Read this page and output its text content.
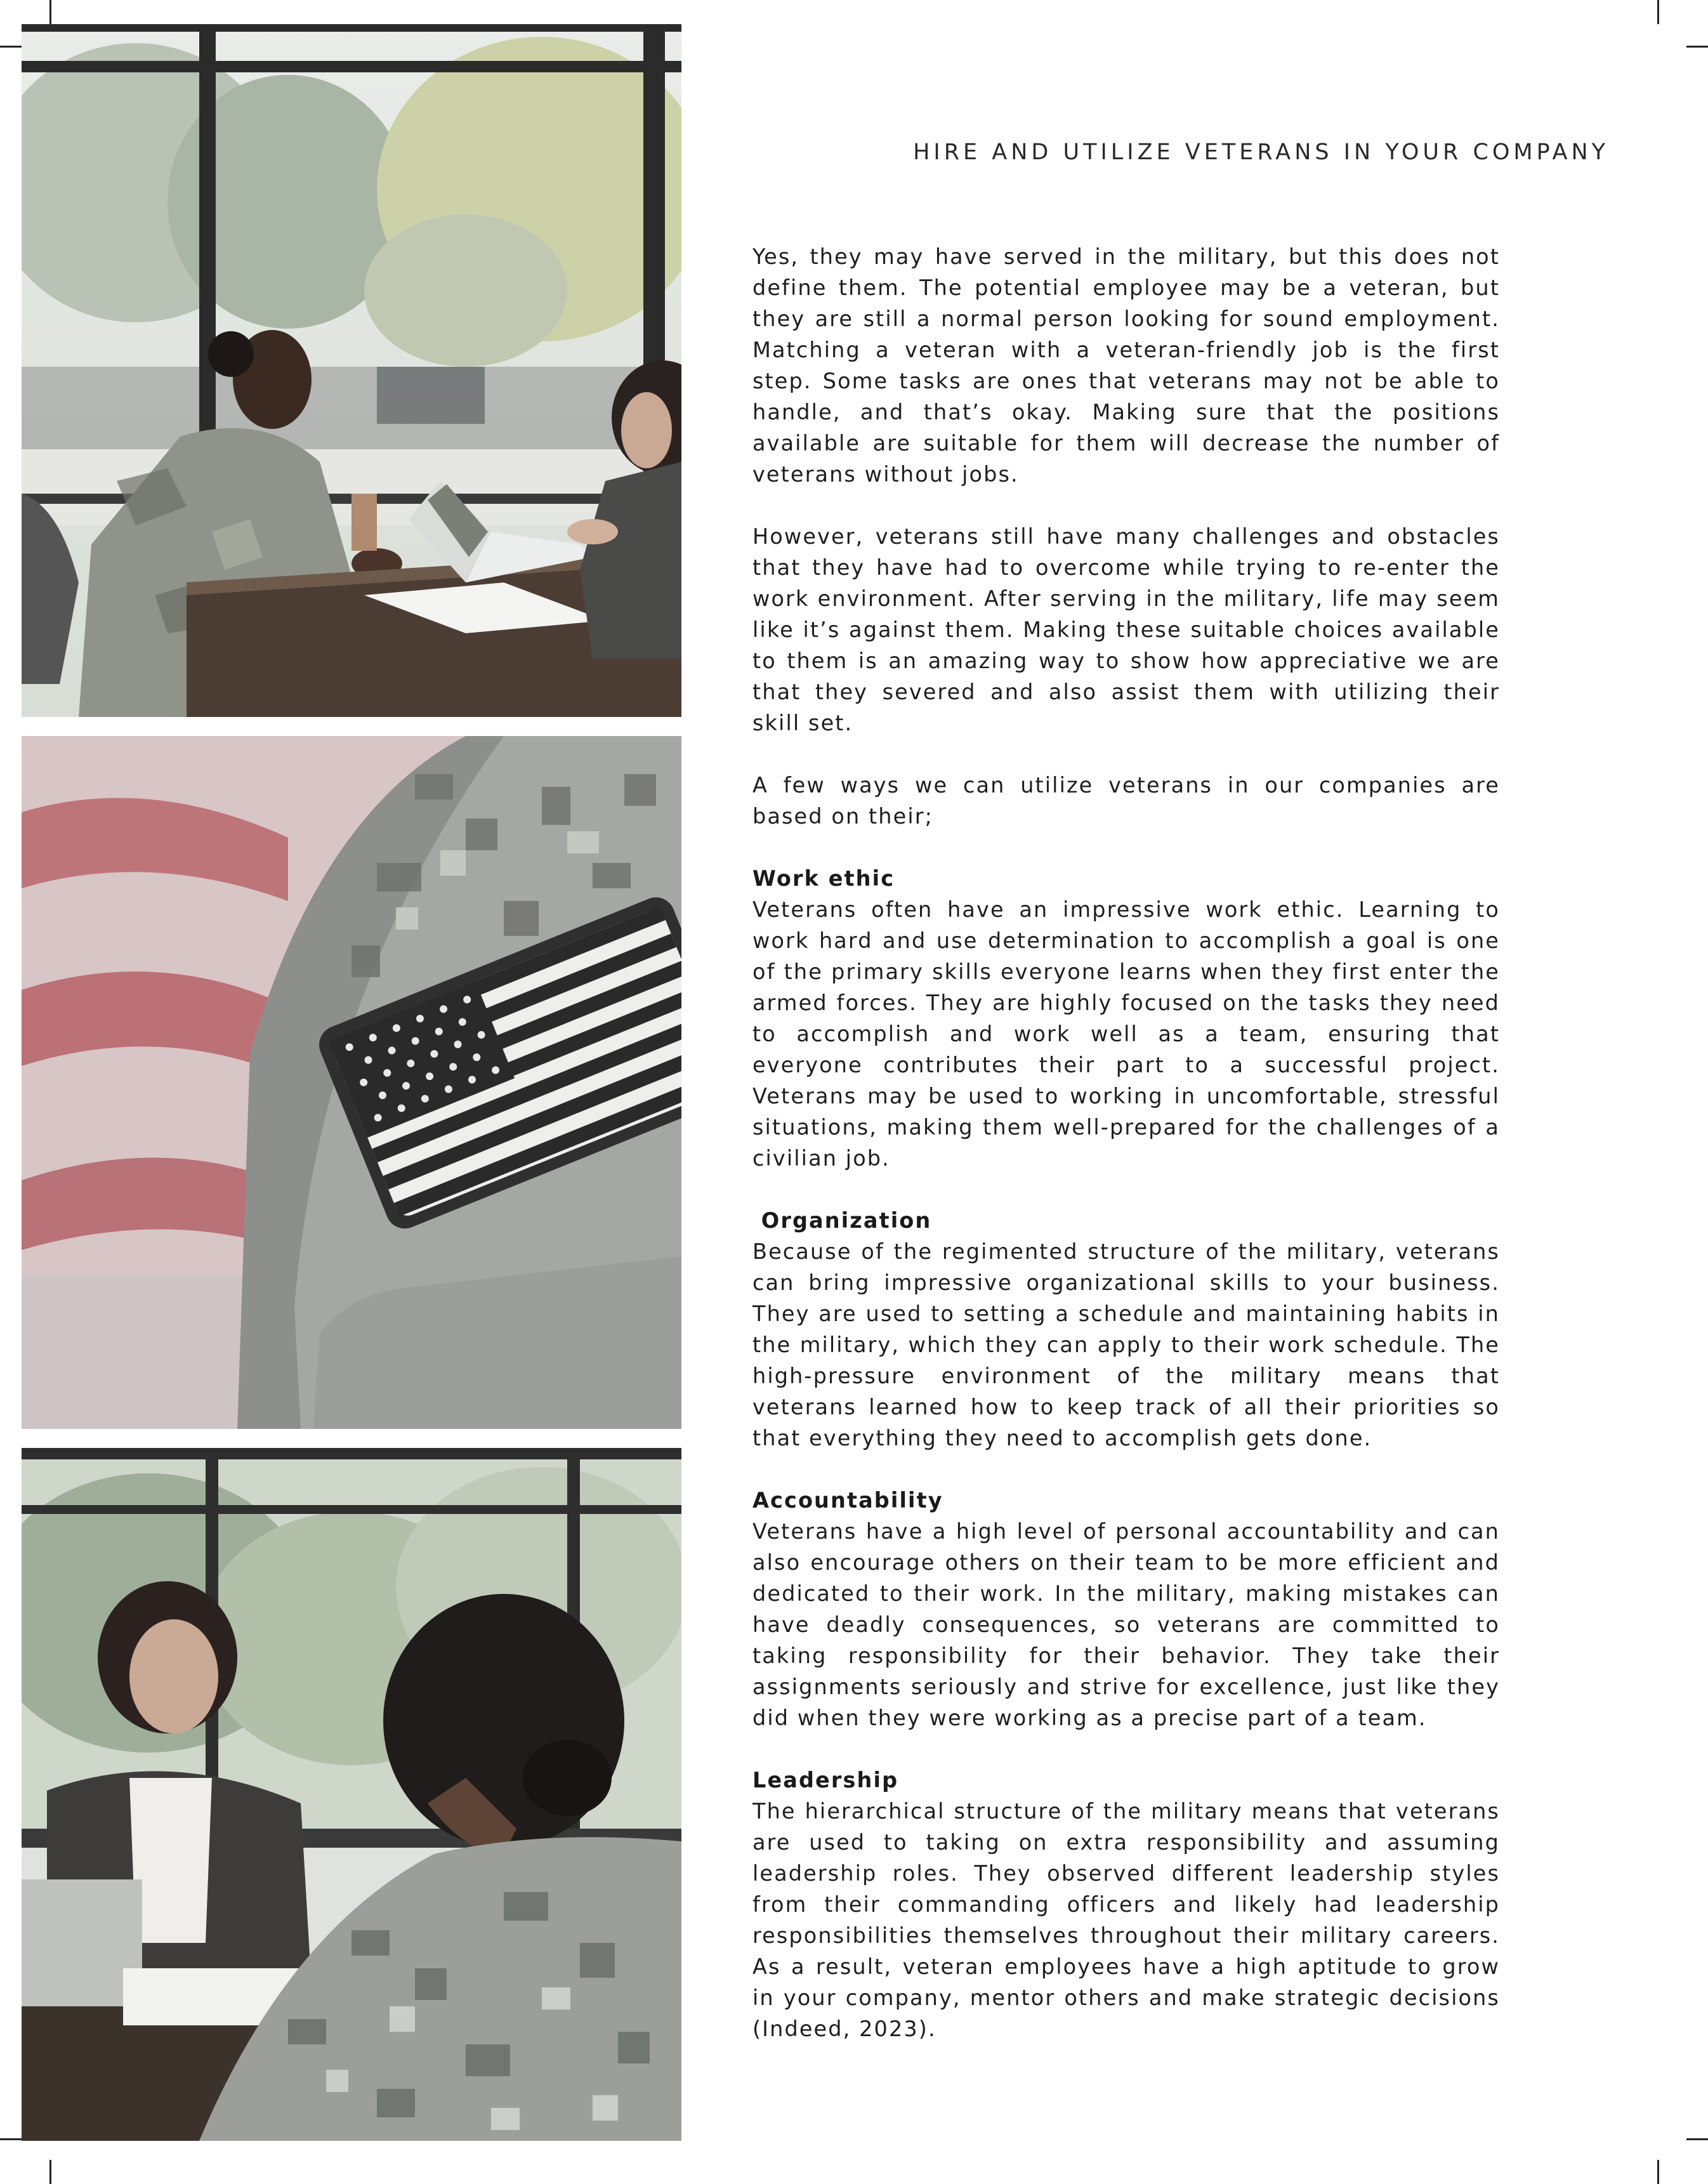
HIRE AND UTILIZE VETERANS IN YOUR COMPANY

Yes, they may have served in the military, but this does not define them. The potential employee may be a veteran, but they are still a normal person looking for sound employment. Matching a veteran with a veteran-friendly job is the first step. Some tasks are ones that veterans may not be able to handle, and that’s okay. Making sure that the positions available are suitable for them will decrease the number of veterans without jobs.

However, veterans still have many challenges and obstacles that they have had to overcome while trying to re-enter the work environment. After serving in the military, life may seem like it’s against them. Making these suitable choices available to them is an amazing way to show how appreciative we are that they severed and also assist them with utilizing their skill set.

A few ways we can utilize veterans in our companies are based on their;

Work ethic

Veterans often have an impressive work ethic. Learning to work hard and use determination to accomplish a goal is one of the primary skills everyone learns when they first enter the armed forces. They are highly focused on the tasks they need to accomplish and work well as a team, ensuring that everyone contributes their part to a successful project. Veterans may be used to working in uncomfortable, stressful situations, making them well-prepared for the challenges of a civilian job.

Organization

Because of the regimented structure of the military, veterans can bring impressive organizational skills to your business. They are used to setting a schedule and maintaining habits in the military, which they can apply to their work schedule. The high-pressure environment of the military means that veterans learned how to keep track of all their priorities so that everything they need to accomplish gets done.

Accountability

Veterans have a high level of personal accountability and can also encourage others on their team to be more efficient and dedicated to their work. In the military, making mistakes can have deadly consequences, so veterans are committed to taking responsibility for their behavior. They take their assignments seriously and strive for excellence, just like they did when they were working as a precise part of a team.

Leadership

The hierarchical structure of the military means that veterans are used to taking on extra responsibility and assuming leadership roles. They observed different leadership styles from their commanding officers and likely had leadership responsibilities themselves throughout their military careers. As a result, veteran employees have a high aptitude to grow in your company, mentor others and make strategic decisions (Indeed, 2023).
